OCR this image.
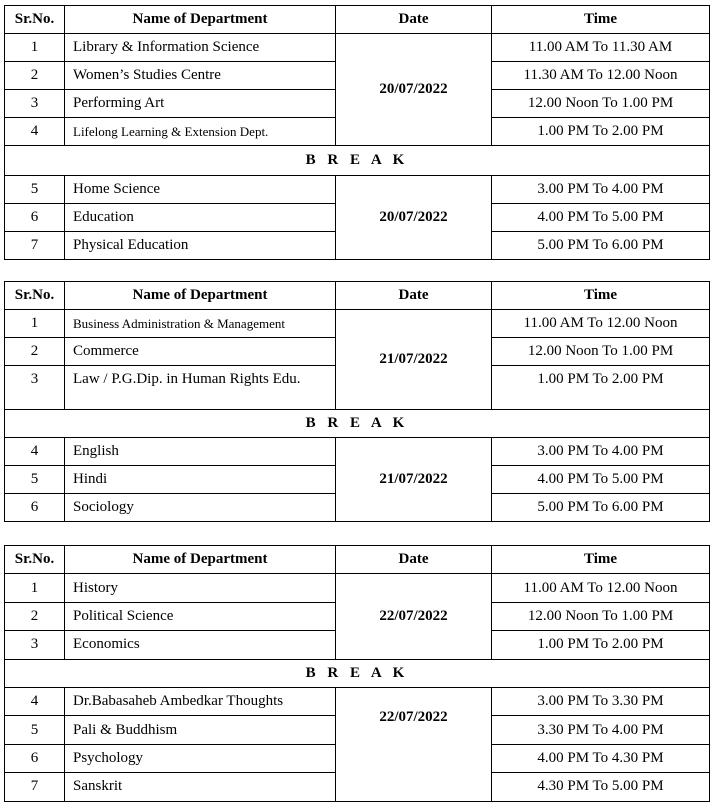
Sr.No.	Name of Department	Date	Time
1	Library & Information Science	20/07/2022	11.00 AM To 11.30 AM
2	Women’s Studies Centre		11.30 AM To 12.00 Noon
3	Performing Art		12.00 Noon To 1.00 PM
4	Lifelong Learning & Extension Dept.		1.00 PM To 2.00 PM
B R E A K			
5	Home Science	20/07/2022	3.00 PM To 4.00 PM
6	Education		4.00 PM To 5.00 PM
7	Physical Education		5.00 PM To 6.00 PM
Sr.No.	Name of Department	Date	Time
1	Business Administration & Management	21/07/2022	11.00 AM To 12.00 Noon
2	Commerce		12.00 Noon To 1.00 PM
3	Law / P.G.Dip. in Human Rights Edu.		1.00 PM To 2.00 PM
B R E A K			
4	English	21/07/2022	3.00 PM To 4.00 PM
5	Hindi		4.00 PM To 5.00 PM
6	Sociology		5.00 PM To 6.00 PM
Sr.No.	Name of Department	Date	Time
1	History	22/07/2022	11.00 AM To 12.00 Noon
2	Political Science		12.00 Noon To 1.00 PM
3	Economics		1.00 PM To 2.00 PM
B R E A K			
4	Dr.Babasaheb Ambedkar Thoughts	22/07/2022	3.00 PM To 3.30 PM
5	Pali & Buddhism		3.30 PM To 4.00 PM
6	Psychology		4.00 PM To 4.30 PM
7	Sanskrit		4.30 PM To 5.00 PM
